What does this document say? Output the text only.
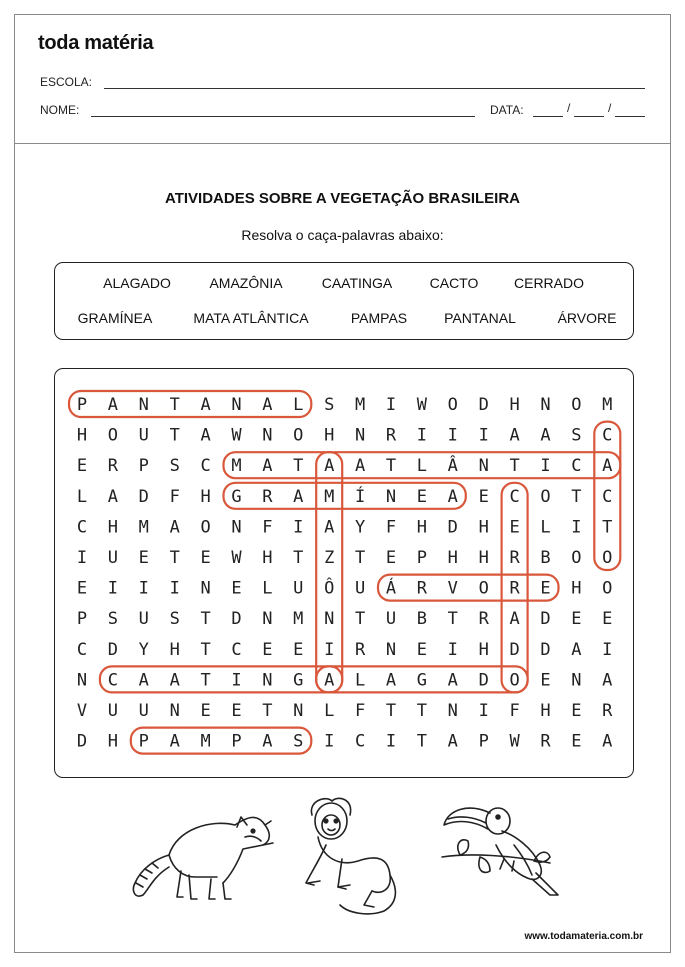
toda matéria
ESCOLA:
NOME:	DATA:	/	/
ATIVIDADES SOBRE A VEGETAÇÃO BRASILEIRA
Resolva o caça-palavras abaixo:
ALAGADO	AMAZÔNIA	CAATINGA	CACTO	CERRADO
GRAMÍNEA	MATA ATLÂNTICA	PAMPAS	PANTANAL	ÁRVORE
P A N T A N A L S M I W O D H N O M
H O U T A W N O H N R I I I A A S C
E R P S C M A T A A T L Â N T I C A
L A D F H G R A M Í N E A E C O T C
C H M A O N F I A Y F H D H E L I T
I U E T E W H T Z T E P H H R B O O
E I I I N E L U Ô U Á R V O R E H O
P S U S T D N M N T U B T R A D E E
C D Y H T C E E I R N E I H D D A I
N C A A T I N G A L A G A D O E N A
V U U N E E T N L F T T N I F H E R
D H P A M P A S I C I T A P W R E A
www.todamateria.com.br
